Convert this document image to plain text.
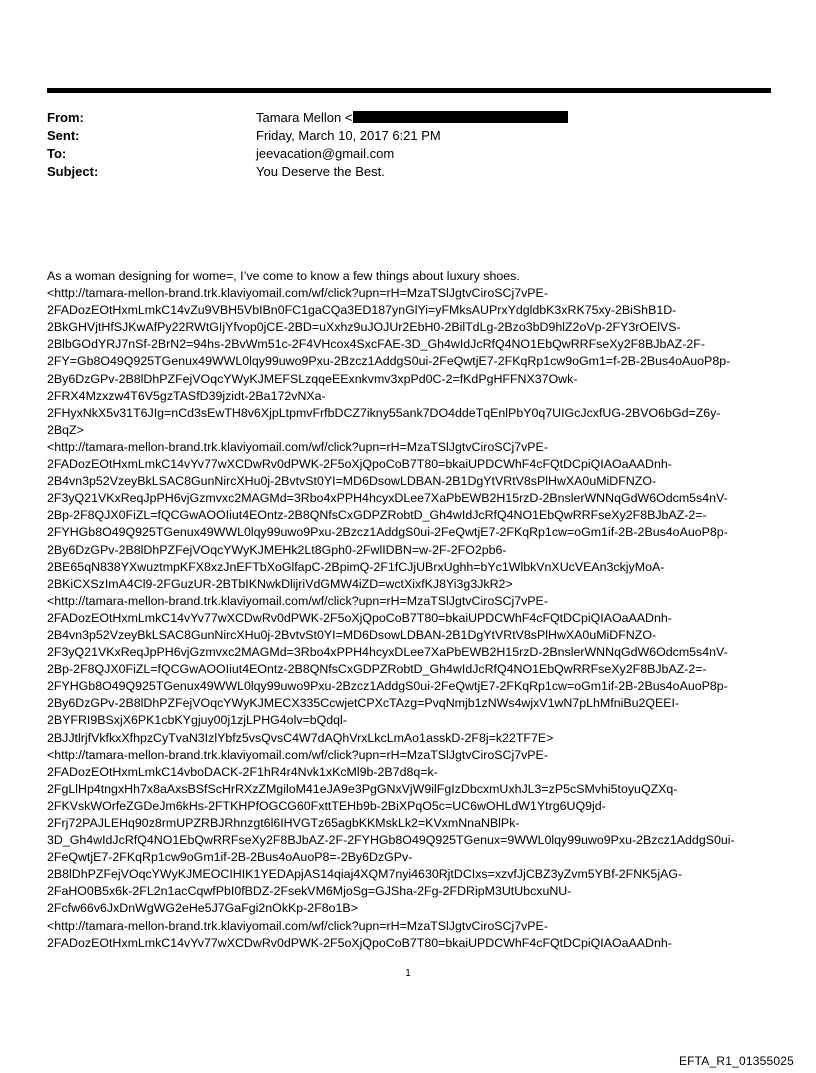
From:	Tamara Mellon <
Sent:	Friday, March 10, 2017 6:21 PM
To:	jeevacation@gmail.com
Subject:	You Deserve the Best.
As a woman designing for wome=, I’ve come to know a few things about luxury shoes.
<http://tamara-mellon-brand.trk.klaviyomail.com/wf/click?upn=rH=MzaTSlJgtvCiroSCj7vPE-
2FADozEOtHxmLmkC14vZu9VBH5VbIBn0FC1gaCQa3ED187ynGlYi=yFMksAUPrxYdgldbK3xRK75xy-2BiShB1D-
2BkGHVjtHfSJKwAfPy22RWtGIjYfvop0jCE-2BD=uXxhz9uJOJUr2EbH0-2BilTdLg-2Bzo3bD9hlZ2oVp-2FY3rOElVS-
2BlbGOdYRJ7nSf-2BrN2=94hs-2BvWm51c-2F4VHcox4SxcFAE-3D_Gh4wIdJcRfQ4NO1EbQwRRFseXy2F8BJbAZ-2F-
2FY=Gb8O49Q925TGenux49WWL0lqy99uwo9Pxu-2Bzcz1AddgS0ui-2FeQwtjE7-2FKqRp1cw9oGm1=f-2B-2Bus4oAuoP8p-
2By6DzGPv-2B8lDhPZFejVOqcYWyKJMEFSLzqqeEExnkvmv3xpPd0C-2=fKdPgHFFNX37Owk-
2FRX4Mzxzw4T6V5gzTASfD39jzidt-2Ba172vNXa-
2FHyxNkX5v31T6JIg=nCd3sEwTH8v6XjpLtpmvFrfbDCZ7ikny55ank7DO4ddeTqEnlPbY0q7UIGcJcxfUG-2BVO6bGd=Z6y-
2BqZ>
<http://tamara-mellon-brand.trk.klaviyomail.com/wf/click?upn=rH=MzaTSlJgtvCiroSCj7vPE-
2FADozEOtHxmLmkC14vYv77wXCDwRv0dPWK-2F5oXjQpoCoB7T80=bkaiUPDCWhF4cFQtDCpiQIAOaAADnh-
2B4vn3p52VzeyBkLSAC8GunNircXHu0j-2BvtvSt0YI=MD6DsowLDBAN-2B1DgYtVRtV8sPlHwXA0uMiDFNZO-
2F3yQ21VKxReqJpPH6vjGzmvxc2MAGMd=3Rbo4xPPH4hcyxDLee7XaPbEWB2H15rzD-2BnslerWNNqGdW6Odcm5s4nV-
2Bp-2F8QJX0FiZL=fQCGwAOOIiut4EOntz-2B8QNfsCxGDPZRobtD_Gh4wIdJcRfQ4NO1EbQwRRFseXy2F8BJbAZ-2=-
2FYHGb8O49Q925TGenux49WWL0lqy99uwo9Pxu-2Bzcz1AddgS0ui-2FeQwtjE7-2FKqRp1cw=oGm1if-2B-2Bus4oAuoP8p-
2By6DzGPv-2B8lDhPZFejVOqcYWyKJMEHk2Lt8Gph0-2FwlIDBN=w-2F-2FO2pb6-
2BE65qN838YXwuztmpKFX8xzJnEFTbXoGlfapC-2BpimQ-2F1fCJjUBrxUghh=bYc1WlbkVnXUcVEAn3ckjyMoA-
2BKiCXSzImA4Cl9-2FGuzUR-2BTbIKNwkDlijriVdGMW4iZD=wctXixfKJ8Yi3g3JkR2>
<http://tamara-mellon-brand.trk.klaviyomail.com/wf/click?upn=rH=MzaTSlJgtvCiroSCj7vPE-
2FADozEOtHxmLmkC14vYv77wXCDwRv0dPWK-2F5oXjQpoCoB7T80=bkaiUPDCWhF4cFQtDCpiQIAOaAADnh-
2B4vn3p52VzeyBkLSAC8GunNircXHu0j-2BvtvSt0YI=MD6DsowLDBAN-2B1DgYtVRtV8sPlHwXA0uMiDFNZO-
2F3yQ21VKxReqJpPH6vjGzmvxc2MAGMd=3Rbo4xPPH4hcyxDLee7XaPbEWB2H15rzD-2BnslerWNNqGdW6Odcm5s4nV-
2Bp-2F8QJX0FiZL=fQCGwAOOIiut4EOntz-2B8QNfsCxGDPZRobtD_Gh4wIdJcRfQ4NO1EbQwRRFseXy2F8BJbAZ-2=-
2FYHGb8O49Q925TGenux49WWL0lqy99uwo9Pxu-2Bzcz1AddgS0ui-2FeQwtjE7-2FKqRp1cw=oGm1if-2B-2Bus4oAuoP8p-
2By6DzGPv-2B8lDhPZFejVOqcYWyKJMECX335CcwjetCPXcTAzg=PvqNmjb1zNWs4wjxV1wN7pLhMfniBu2QEEI-
2BYFRI9BSxjX6PK1cbKYgjuy00j1zjLPHG4olv=bQdql-
2BJJtlrjfVkfkxXfhpzCyTvaN3IzlYbfz5vsQvsC4W7dAQhVrxLkcLmAo1asskD-2F8j=k22TF7E>
<http://tamara-mellon-brand.trk.klaviyomail.com/wf/click?upn=rH=MzaTSlJgtvCiroSCj7vPE-
2FADozEOtHxmLmkC14vboDACK-2F1hR4r4Nvk1xKcMl9b-2B7d8q=k-
2FgLlHp4tngxHh7x8aAxsBSfScHrRXzZMgiloM41eJA9e3PgGNxVjW9ilFgIzDbcxmUxhJL3=zP5cSMvhi5toyuQZXq-
2FKVskWOrfeZGDeJm6kHs-2FTKHPfOGCG60FxttTEHb9b-2BiXPqO5c=UC6wOHLdW1Ytrg6UQ9jd-
2Frj72PAJLEHq90z8rmUPZRBJRhnzgt6l6IHVGTz65agbKKMskLk2=KVxmNnaNBlPk-
3D_Gh4wIdJcRfQ4NO1EbQwRRFseXy2F8BJbAZ-2F-2FYHGb8O49Q925TGenux=9WWL0lqy99uwo9Pxu-2Bzcz1AddgS0ui-
2FeQwtjE7-2FKqRp1cw9oGm1if-2B-2Bus4oAuoP8=-2By6DzGPv-
2B8lDhPZFejVOqcYWyKJMEOCIHIK1YEDApjAS14qiaj4XQM7nyi4630RjtDCIxs=xzvfJjCBZ3yZvm5YBf-2FNK5jAG-
2FaHO0B5x6k-2FL2n1acCqwfPbI0fBDZ-2FsekVM6MjoSg=GJSha-2Fg-2FDRipM3UtUbcxuNU-
2Fcfw66v6JxDnWgWG2eHe5J7GaFgi2nOkKp-2F8o1B>
<http://tamara-mellon-brand.trk.klaviyomail.com/wf/click?upn=rH=MzaTSlJgtvCiroSCj7vPE-
2FADozEOtHxmLmkC14vYv77wXCDwRv0dPWK-2F5oXjQpoCoB7T80=bkaiUPDCWhF4cFQtDCpiQIAOaAADnh-
1
EFTA_R1_01355025
